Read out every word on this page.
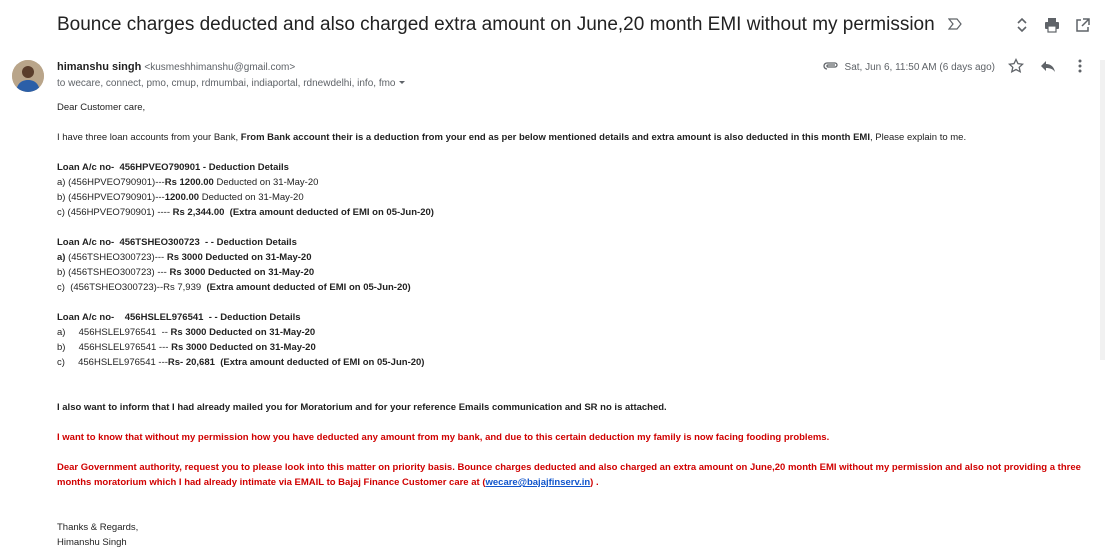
Bounce charges deducted and also charged extra amount on June,20 month EMI without my permission
himanshu singh <kusmeshhimanshu@gmail.com>
to wecare, connect, pmo, cmup, rdmumbai, indiaportal, rdnewdelhi, info, fmo
Sat, Jun 6, 11:50 AM (6 days ago)

Dear Customer care,

I have three loan accounts from your Bank, From Bank account their is a deduction from your end as per below mentioned details and extra amount is also deducted in this month EMI, Please explain to me.

Loan A/c no-  456HPVEO790901 - Deduction Details

a) (456HPVEO790901)---Rs 1200.00 Deducted on 31-May-20

b) (456HPVEO790901)---1200.00 Deducted on 31-May-20

c) (456HPVEO790901) ---- Rs 2,344.00  (Extra amount deducted of EMI on 05-Jun-20)

Loan A/c no-  456TSHEO300723  - - Deduction Details

a) (456TSHEO300723)--- Rs 3000 Deducted on 31-May-20

b) (456TSHEO300723) --- Rs 3000 Deducted on 31-May-20

c)  (456TSHEO300723)--Rs 7,939  (Extra amount deducted of EMI on 05-Jun-20)

Loan A/c no-    456HSLEL976541  - - Deduction Details

a)     456HSLEL976541  -- Rs 3000 Deducted on 31-May-20

b)     456HSLEL976541 --- Rs 3000 Deducted on 31-May-20

c)     456HSLEL976541 ---Rs- 20,681  (Extra amount deducted of EMI on 05-Jun-20)

I also want to inform that I had already mailed you for Moratorium and for your reference Emails communication and SR no is attached.

I want to know that without my permission how you have deducted any amount from my bank, and due to this certain deduction my family is now facing fooding problems.

Dear Government authority, request you to please look into this matter on priority basis. Bounce charges deducted and also charged an extra amount on June,20 month EMI without my permission and also not providing a three months moratorium which I had already intimate via EMAIL to Bajaj Finance Customer care at (wecare@bajajfinserv.in) .

Thanks & Regards,

Himanshu Singh
